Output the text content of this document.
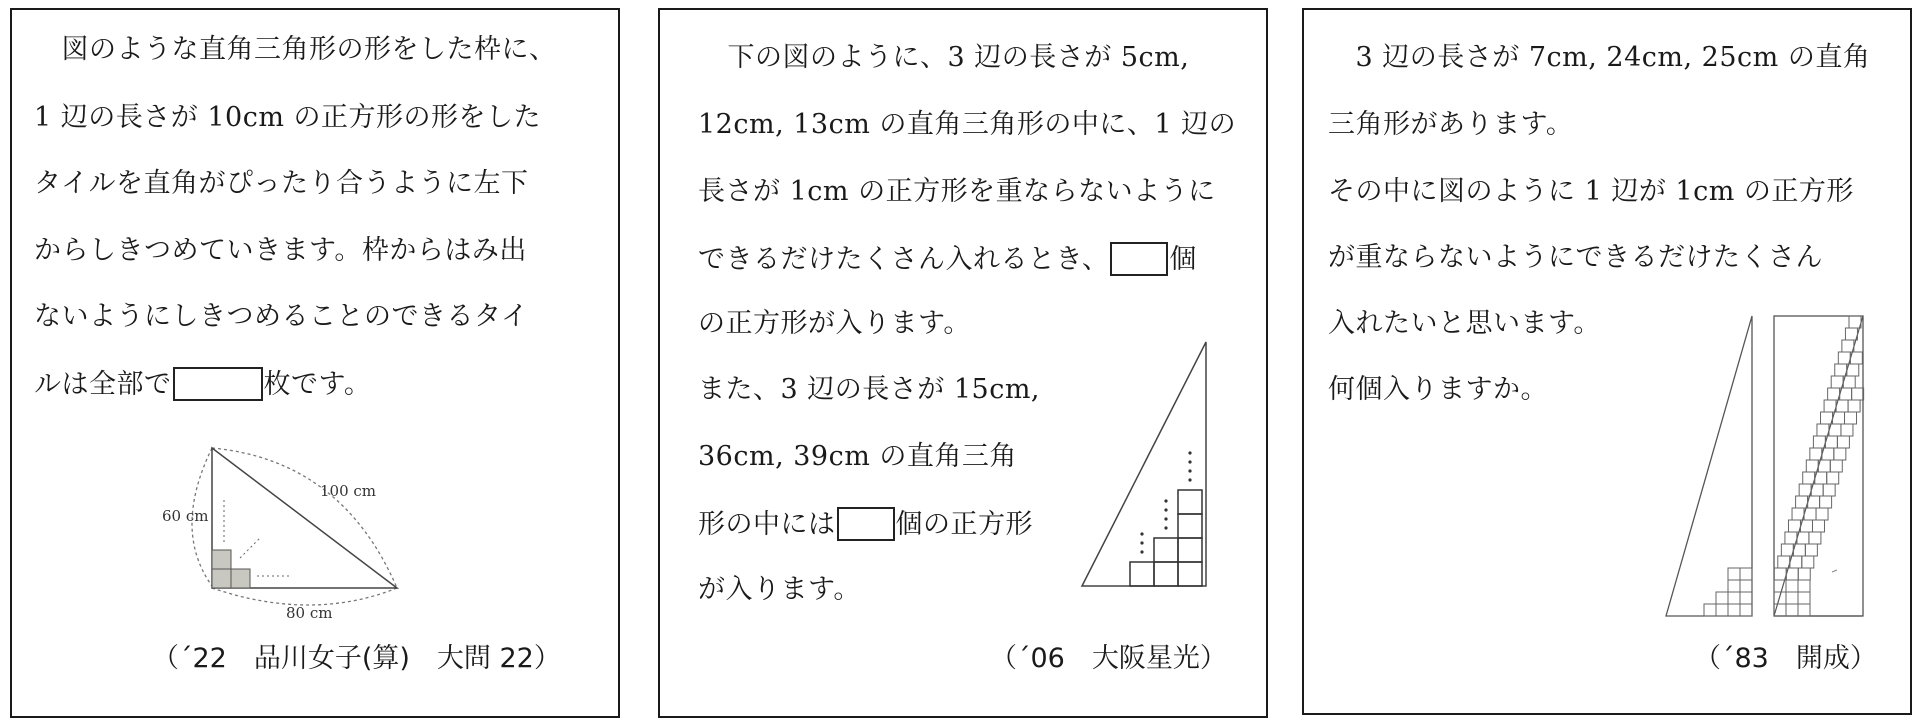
　図のような直角三角形の形をした枠に、
1 辺の長さが 10cm の正方形の形をした
タイルを直角がぴったり合うように左下
からしきつめていきます。枠からはみ出
ないようにしきつめることのできるタイ
ルは全部で	枚です。
60 cm
100 cm
80 cm
（´22　品川女子(算)　大問 22）
　下の図のように、3 辺の長さが 5cm,
12cm, 13cm の直角三角形の中に、1 辺の
長さが 1cm の正方形を重ならないように
できるだけたくさん入れるとき、 個
の正方形が入ります。
また、3 辺の長さが 15cm,
36cm, 39cm の直角三角
形の中には 個の正方形
が入ります。
（´06　大阪星光）
　3 辺の長さが 7cm, 24cm, 25cm の直角
三角形があります。
その中に図のように 1 辺が 1cm の正方形
が重ならないようにできるだけたくさん
入れたいと思います。
何個入りますか。
（´83　開成）
